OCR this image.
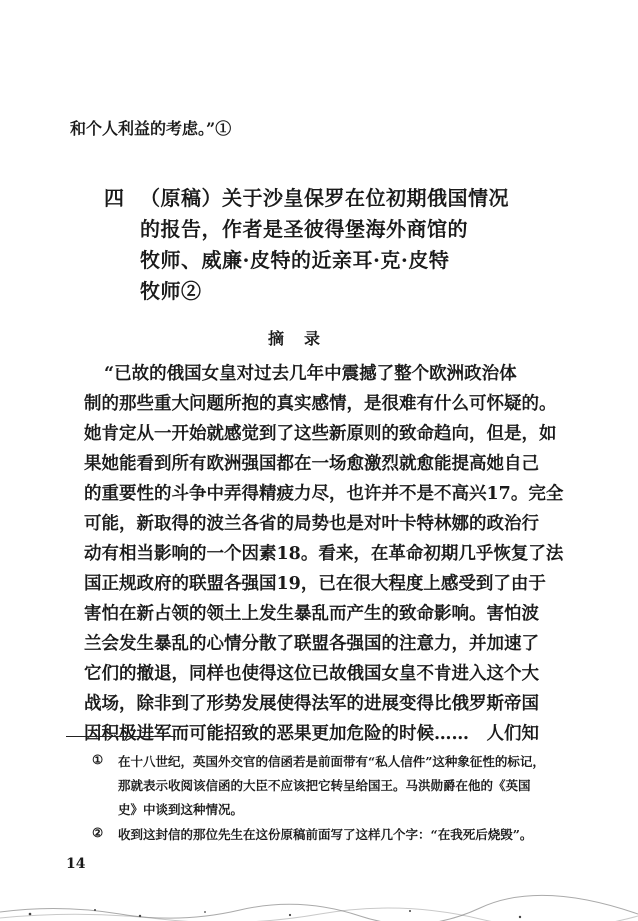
和个人利益的考虑。”①
四 （原稿）关于沙皇保罗在位初期俄国情况
的报告，作者是圣彼得堡海外商馆的
牧师、威廉·皮特的近亲耳·克·皮特
牧师②
摘录
“已故的俄国女皇对过去几年中震撼了整个欧洲政治体
制的那些重大问题所抱的真实感情，是很难有什么可怀疑的。
她肯定从一开始就感觉到了这些新原则的致命趋向，但是，如
果她能看到所有欧洲强国都在一场愈激烈就愈能提高她自己
的重要性的斗争中弄得精疲力尽，也许并不是不高兴17。完全
可能，新取得的波兰各省的局势也是对叶卡特林娜的政治行
动有相当影响的一个因素18。看来，在革命初期几乎恢复了法
国正规政府的联盟各强国19，已在很大程度上感受到了由于
害怕在新占领的领土上发生暴乱而产生的致命影响。害怕波
兰会发生暴乱的心情分散了联盟各强国的注意力，并加速了
它们的撤退，同样也使得这位已故俄国女皇不肯进入这个大
战场，除非到了形势发展使得法军的进展变得比俄罗斯帝国
因积极进军而可能招致的恶果更加危险的时候……　人们知
① 在十八世纪，英国外交官的信函若是前面带有“私人信件”这种象征性的标记，
那就表示收阅该信函的大臣不应该把它转呈给国王。马洪勋爵在他的《英国
史》中谈到这种情况。
② 收到这封信的那位先生在这份原稿前面写了这样几个字：“在我死后烧毁”。
14
